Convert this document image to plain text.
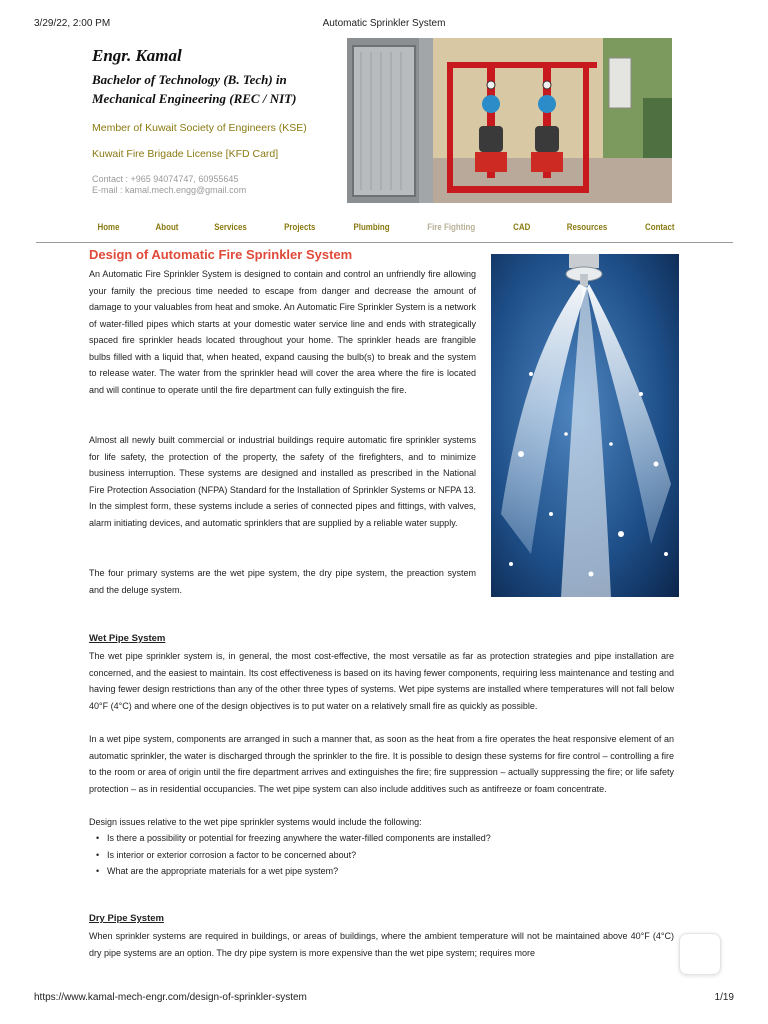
3/29/22, 2:00 PM	Automatic Sprinkler System

Engr. Kamal

Bachelor of Technology (B. Tech) in

Mechanical Engineering (REC / NIT)

Member of Kuwait Society of Engineers (KSE)
Kuwait Fire Brigade License [KFD Card]
Contact : +965 94074747, 60955645
E-mail : kamal.mech.engg@gmail.com
Home	About	Services	Projects	Plumbing	Fire Fighting	CAD	Resources	Contact
Design of Automatic Fire Sprinkler System

An Automatic Fire Sprinkler System is designed to contain and control an unfriendly fire allowing your family the precious time needed to escape from danger and decrease the amount of damage to your valuables from heat and smoke. An Automatic Fire Sprinkler System is a network of water-filled pipes which starts at your domestic water service line and ends with strategically spaced fire sprinkler heads located throughout your home. The sprinkler heads are frangible bulbs filled with a liquid that, when heated, expand causing the bulb(s) to break and the system to release water. The water from the sprinkler head will cover the area where the fire is located and will continue to operate until the fire department can fully extinguish the fire.

Almost all newly built commercial or industrial buildings require automatic fire sprinkler systems for life safety, the protection of the property, the safety of the firefighters, and to minimize business interruption. These systems are designed and installed as prescribed in the National Fire Protection Association (NFPA) Standard for the Installation of Sprinkler Systems or NFPA 13. In the simplest form, these systems include a series of connected pipes and fittings, with valves, alarm initiating devices, and automatic sprinklers that are supplied by a reliable water supply.

The four primary systems are the wet pipe system, the dry pipe system, the preaction system and the deluge system.

Wet Pipe System

The wet pipe sprinkler system is, in general, the most cost-effective, the most versatile as far as protection strategies and pipe installation are concerned, and the easiest to maintain. Its cost effectiveness is based on its having fewer components, requiring less maintenance and testing and having fewer design restrictions than any of the other three types of systems. Wet pipe systems are installed where temperatures will not fall below 40°F (4°C) and where one of the design objectives is to put water on a relatively small fire as quickly as possible.

In a wet pipe system, components are arranged in such a manner that, as soon as the heat from a fire operates the heat responsive element of an automatic sprinkler, the water is discharged through the sprinkler to the fire. It is possible to design these systems for fire control – controlling a fire to the room or area of origin until the fire department arrives and extinguishes the fire; fire suppression – actually suppressing the fire; or life safety protection – as in residential occupancies. The wet pipe system can also include additives such as antifreeze or foam concentrate.

Design issues relative to the wet pipe sprinkler systems would include the following:

• Is there a possibility or potential for freezing anywhere the water-filled components are installed?
• Is interior or exterior corrosion a factor to be concerned about?
• What are the appropriate materials for a wet pipe system?
Dry Pipe System

When sprinkler systems are required in buildings, or areas of buildings, where the ambient temperature will not be maintained above 40°F (4°C) dry pipe systems are an option. The dry pipe system is more expensive than the wet pipe system; requires more

https://www.kamal-mech-engr.com/design-of-sprinkler-system	1/19
